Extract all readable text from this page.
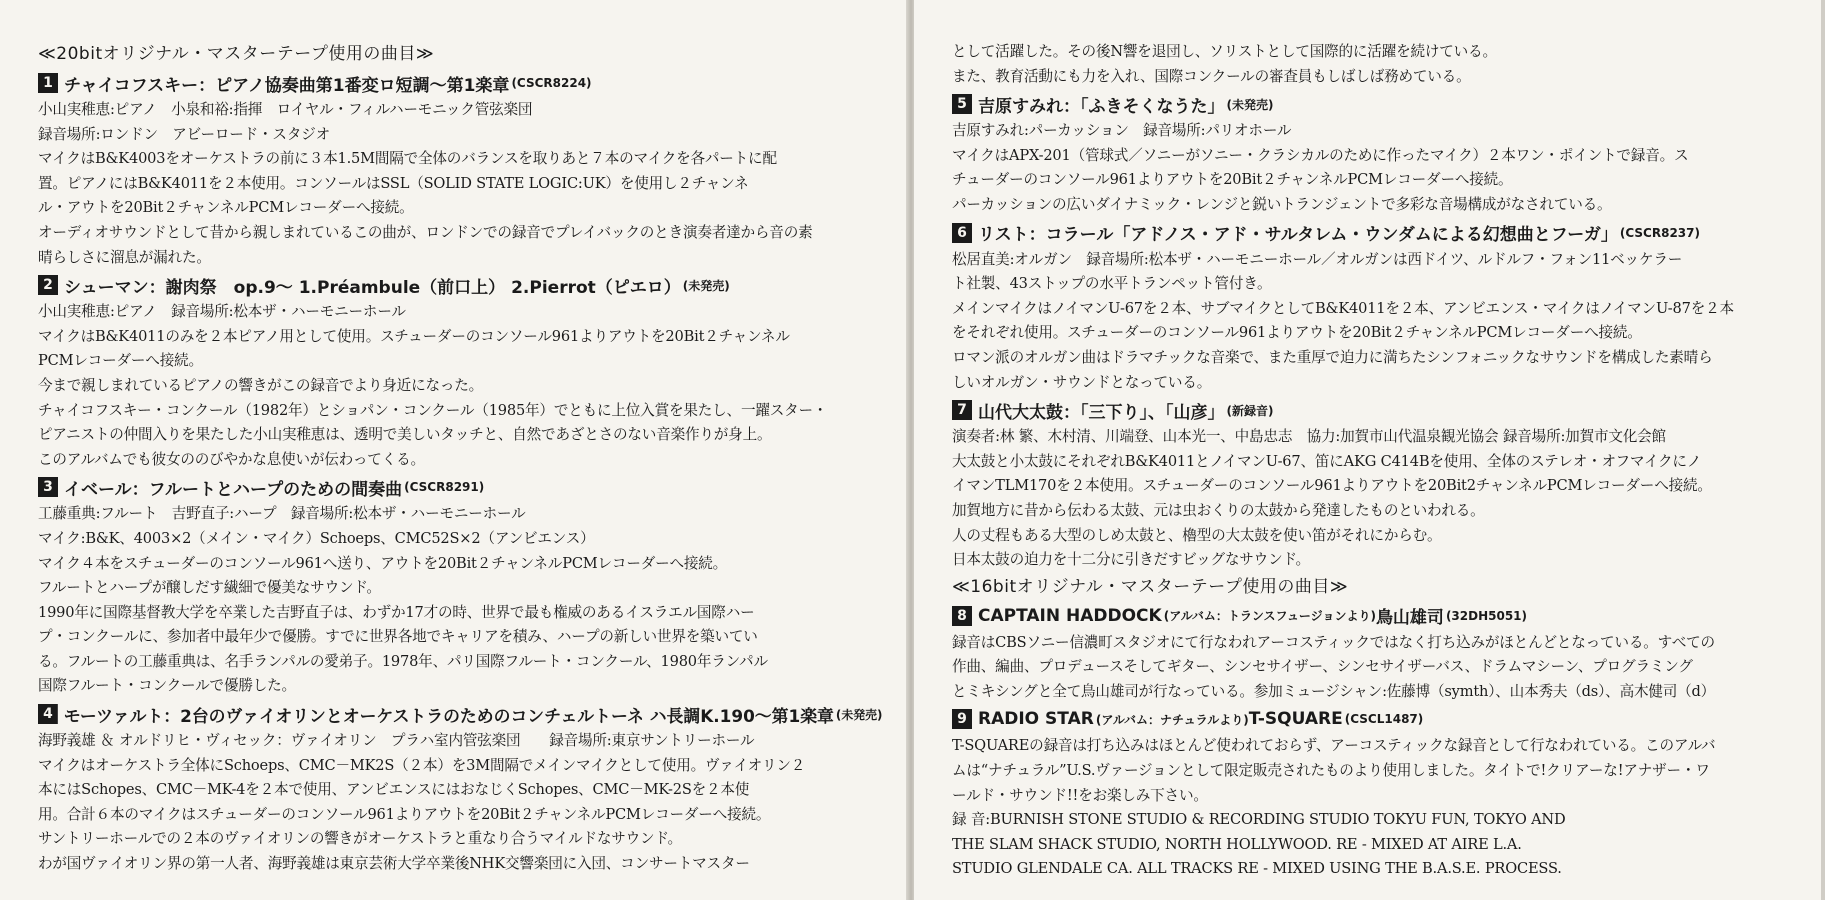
≪20bitオリジナル・マスターテープ使用の曲目≫
1 チャイコフスキー：ピアノ協奏曲第1番変ロ短調～第1楽章 (CSCR8224)
小山実稚恵:ピアノ　小泉和裕:指揮　ロイヤル・フィルハーモニック管弦楽団
録音場所:ロンドン　アビーロード・スタジオ
マイクはB&K4003をオーケストラの前に３本1.5M間隔で全体のバランスを取りあと７本のマイクを各パートに配
置。ピアノにはB&K4011を２本使用。コンソールはSSL（SOLID STATE LOGIC:UK）を使用し２チャンネ
ル・アウトを20Bit２チャンネルPCMレコーダーへ接続。
オーディオサウンドとして昔から親しまれているこの曲が、ロンドンでの録音でプレイバックのとき演奏者達から音の素
晴らしさに溜息が漏れた。
2 シューマン：謝肉祭　op.9～ 1.Préambule（前口上） 2.Pierrot（ピエロ） (未発売)
小山実稚恵:ピアノ　録音場所:松本ザ・ハーモニーホール
マイクはB&K4011のみを２本ピアノ用として使用。スチューダーのコンソール961よりアウトを20Bit２チャンネル
PCMレコーダーへ接続。
今まで親しまれているピアノの響きがこの録音でより身近になった。
チャイコフスキー・コンクール（1982年）とショパン・コンクール（1985年）でともに上位入賞を果たし、一躍スター・
ピアニストの仲間入りを果たした小山実稚恵は、透明で美しいタッチと、自然であざとさのない音楽作りが身上。
このアルバムでも彼女ののびやかな息使いが伝わってくる。
3 イベール：フルートとハープのための間奏曲 (CSCR8291)
工藤重典:フルート　吉野直子:ハープ　録音場所:松本ザ・ハーモニーホール
マイク:B&K、4003×2（メイン・マイク）Schoeps、CMC52S×2（アンビエンス）
マイク４本をスチューダーのコンソール961へ送り、アウトを20Bit２チャンネルPCMレコーダーへ接続。
フルートとハープが醸しだす繊細で優美なサウンド。
1990年に国際基督教大学を卒業した吉野直子は、わずか17才の時、世界で最も権威のあるイスラエル国際ハー
プ・コンクールに、参加者中最年少で優勝。すでに世界各地でキャリアを積み、ハープの新しい世界を築いてい
る。フルートの工藤重典は、名手ランパルの愛弟子。1978年、パリ国際フルート・コンクール、1980年ランパル
国際フルート・コンクールで優勝した。
4 モーツァルト：2台のヴァイオリンとオーケストラのためのコンチェルトーネ ハ長調K.190～第1楽章 (未発売)
海野義雄 ＆ オルドリヒ・ヴィセック：ヴァイオリン　プラハ室内管弦楽団　　録音場所:東京サントリーホール
マイクはオーケストラ全体にSchoeps、CMC－MK2S（２本）を3M間隔でメインマイクとして使用。ヴァイオリン２
本にはSchopes、CMC－MK-4を２本で使用、アンビエンスにはおなじくSchopes、CMC－MK-2Sを２本使
用。合計６本のマイクはスチューダーのコンソール961よりアウトを20Bit２チャンネルPCMレコーダーへ接続。
サントリーホールでの２本のヴァイオリンの響きがオーケストラと重なり合うマイルドなサウンド。
わが国ヴァイオリン界の第一人者、海野義雄は東京芸術大学卒業後NHK交響楽団に入団、コンサートマスター
として活躍した。その後N響を退団し、ソリストとして国際的に活躍を続けている。
また、教育活動にも力を入れ、国際コンクールの審査員もしばしば務めている。
5 吉原すみれ：「ふきそくなうた」 (未発売)
吉原すみれ:パーカッション　録音場所:パリオホール
マイクはAPX-201（管球式／ソニーがソニー・クラシカルのために作ったマイク）２本ワン・ポイントで録音。ス
チューダーのコンソール961よりアウトを20Bit２チャンネルPCMレコーダーへ接続。
パーカッションの広いダイナミック・レンジと鋭いトランジェントで多彩な音場構成がなされている。
6 リスト：コラール「アドノス・アド・サルタレム・ウンダムによる幻想曲とフーガ」 (CSCR8237)
松居直美:オルガン　録音場所:松本ザ・ハーモニーホール／オルガンは西ドイツ、ルドルフ・フォン11ベッケラー
ト社製、43ストップの水平トランペット管付き。
メインマイクはノイマンU-67を２本、サブマイクとしてB&K4011を２本、アンビエンス・マイクはノイマンU-87を２本
をそれぞれ使用。スチューダーのコンソール961よりアウトを20Bit２チャンネルPCMレコーダーへ接続。
ロマン派のオルガン曲はドラマチックな音楽で、また重厚で迫力に満ちたシンフォニックなサウンドを構成した素晴ら
しいオルガン・サウンドとなっている。
7 山代大太鼓：「三下り」、「山彦」 (新録音)
演奏者:林 繁、木村清、川端登、山本光一、中島忠志　協力:加賀市山代温泉観光協会 録音場所:加賀市文化会館
大太鼓と小太鼓にそれぞれB&K4011とノイマンU-67、笛にAKG C414Bを使用、全体のステレオ・オフマイクにノ
イマンTLM170を２本使用。スチューダーのコンソール961よりアウトを20Bit2チャンネルPCMレコーダーへ接続。
加賀地方に昔から伝わる太鼓、元は虫おくりの太鼓から発達したものといわれる。
人の丈程もある大型のしめ太鼓と、櫓型の大太鼓を使い笛がそれにからむ。
日本太鼓の迫力を十二分に引きだすビッグなサウンド。
≪16bitオリジナル・マスターテープ使用の曲目≫
8 CAPTAIN HADDOCK (アルバム：トランスフュージョンより) 鳥山雄司 (32DH5051)
録音はCBSソニー信濃町スタジオにて行なわれアーコスティックではなく打ち込みがほとんどとなっている。すべての
作曲、編曲、プロデュースそしてギター、シンセサイザー、シンセサイザーバス、ドラムマシーン、プログラミング
とミキシングと全て鳥山雄司が行なっている。参加ミュージシャン:佐藤博（symth）、山本秀夫（ds）、高木健司（d）
9 RADIO STAR (アルバム：ナチュラルより) T-SQUARE (CSCL1487)
T-SQUAREの録音は打ち込みはほとんど使われておらず、アーコスティックな録音として行なわれている。このアルバ
ムは“ナチュラル”U.S.ヴァージョンとして限定販売されたものより使用しました。タイトで!クリアーな!アナザー・ワ
ールド・サウンド!!をお楽しみ下さい。
録 音:BURNISH STONE STUDIO & RECORDING STUDIO TOKYU FUN, TOKYO AND
THE SLAM SHACK STUDIO, NORTH HOLLYWOOD. RE - MIXED AT AIRE L.A.
STUDIO GLENDALE CA. ALL TRACKS RE - MIXED USING THE B.A.S.E. PROCESS.
